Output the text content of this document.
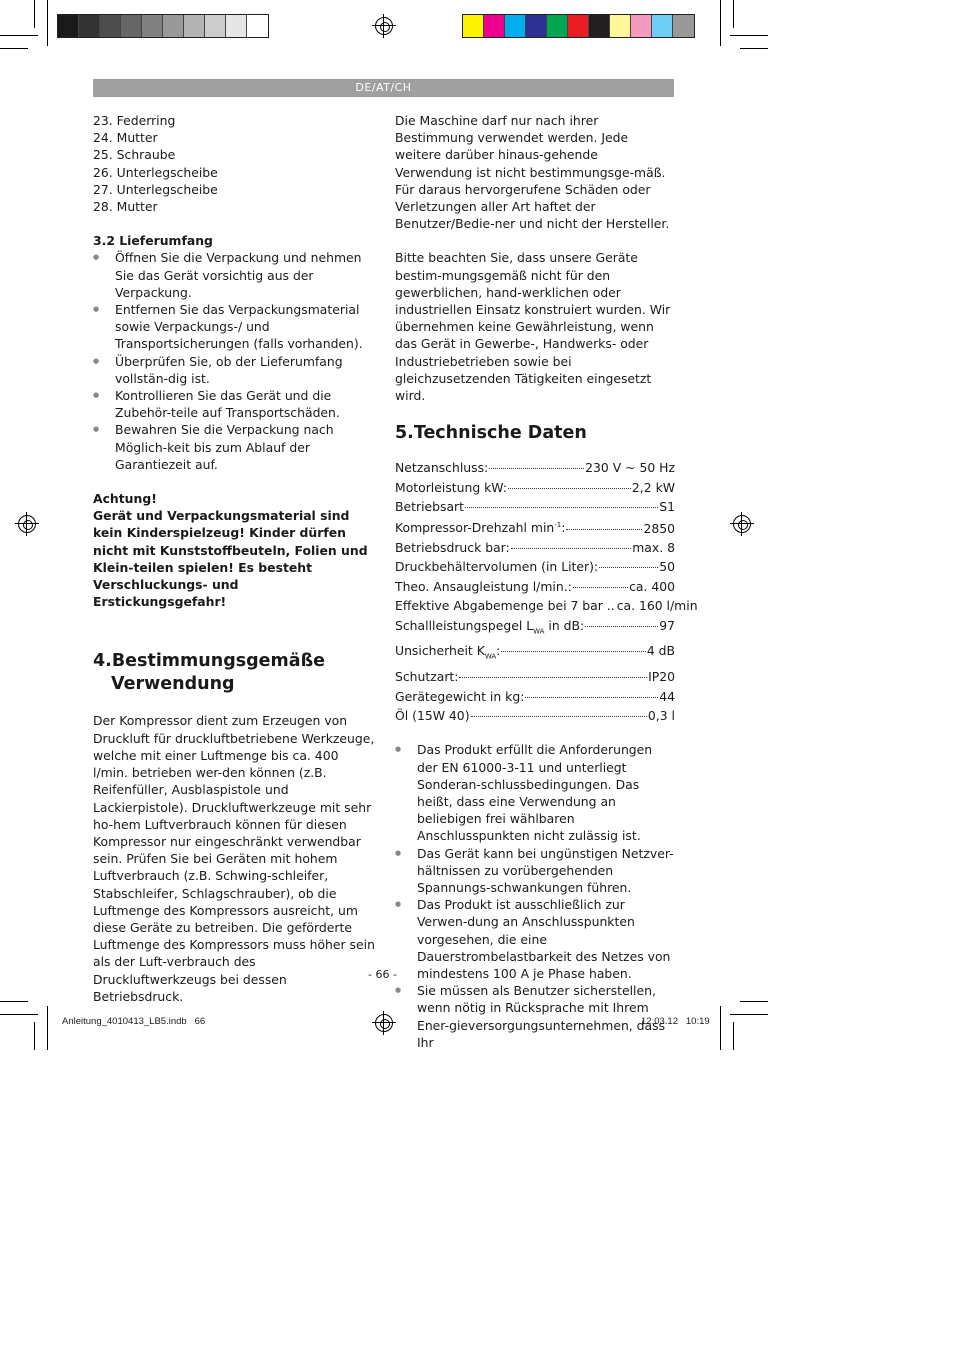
DE/AT/CH
23. Federring
24. Mutter
25. Schraube
26. Unterlegscheibe
27. Unterlegscheibe
28. Mutter
3.2 Lieferumfang
● Öffnen Sie die Verpackung und nehmen Sie das Gerät vorsichtig aus der Verpackung.
● Entfernen Sie das Verpackungsmaterial sowie Verpackungs-/ und Transportsicherungen (falls vorhanden).
● Überprüfen Sie, ob der Lieferumfang vollstän-dig ist.
● Kontrollieren Sie das Gerät und die Zubehör-teile auf Transportschäden.
● Bewahren Sie die Verpackung nach Möglich-keit bis zum Ablauf der Garantiezeit auf.
Achtung!
Gerät und Verpackungsmaterial sind kein Kinderspielzeug! Kinder dürfen nicht mit Kunststoffbeuteln, Folien und Klein-teilen spielen! Es besteht Verschluckungs- und Erstickungsgefahr!
4.Bestimmungsgemäße
Verwendung

Der Kompressor dient zum Erzeugen von Druckluft für druckluftbetriebene Werkzeuge, welche mit einer Luftmenge bis ca. 400 l/min. betrieben wer-den können (z.B. Reifenfüller, Ausblaspistole und Lackierpistole). Druckluftwerkzeuge mit sehr ho-hem Luftverbrauch können für diesen Kompressor nur eingeschränkt verwendbar sein. Prüfen Sie bei Geräten mit hohem Luftverbrauch (z.B. Schwing-schleifer, Stabschleifer, Schlagschrauber), ob die Luftmenge des Kompressors ausreicht, um diese Geräte zu betreiben. Die geförderte Luftmenge des Kompressors muss höher sein als der Luft-verbrauch des Druckluftwerkzeugs bei dessen Betriebsdruck.

Die Maschine darf nur nach ihrer Bestimmung verwendet werden. Jede weitere darüber hinaus-gehende Verwendung ist nicht bestimmungsge-mäß. Für daraus hervorgerufene Schäden oder Verletzungen aller Art haftet der Benutzer/Bedie-ner und nicht der Hersteller.

Bitte beachten Sie, dass unsere Geräte bestim-mungsgemäß nicht für den gewerblichen, hand-werklichen oder industriellen Einsatz konstruiert wurden. Wir übernehmen keine Gewährleistung, wenn das Gerät in Gewerbe-, Handwerks- oder Industriebetrieben sowie bei gleichzusetzenden Tätigkeiten eingesetzt wird.

5.Technische Daten
Netzanschluss:	230 V ~ 50 Hz
Motorleistung kW:	2,2 kW
Betriebsart	S1
Kompressor-Drehzahl $\min^{-1}$:	2850
Betriebsdruck bar:	max. 8
Druckbehältervolumen (in Liter):	50
Theo. Ansaugleistung l/min.:	ca. 400
Effektive Abgabemenge bei 7 bar .. ca. 160 l/min
Schallleistungspegel $L_{WA}$ in dB:	97
Unsicherheit $K_{WA}$:	4 dB
Schutzart:	IP20
Gerätegewicht in kg:	44
Öl (15W 40)	0,3 l
● Das Produkt erfüllt die Anforderungen der EN 61000-3-11 und unterliegt Sonderan-schlussbedingungen. Das heißt, dass eine Verwendung an beliebigen frei wählbaren Anschlusspunkten nicht zulässig ist.
● Das Gerät kann bei ungünstigen Netzver-hältnissen zu vorübergehenden Spannungs-schwankungen führen.
● Das Produkt ist ausschließlich zur Verwen-dung an Anschlusspunkten vorgesehen, die eine Dauerstrombelastbarkeit des Netzes von mindestens 100 A je Phase haben.
● Sie müssen als Benutzer sicherstellen, wenn nötig in Rücksprache mit Ihrem Ener-gieversorgungsunternehmen, dass Ihr
- 66 -
Anleitung_4010413_LB5.indb   66	12.03.12   10:19
